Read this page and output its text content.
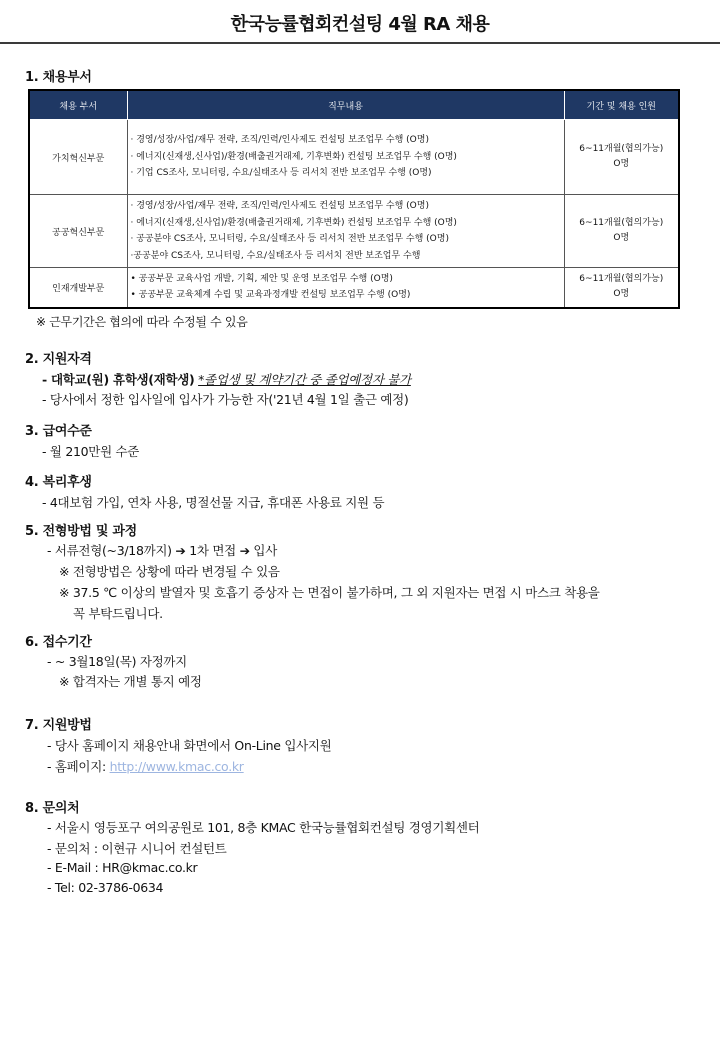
한국능률협회컨설팅 4월 RA 채용
1. 채용부서
채용 부서	직무내용	기간 및 채용 인원
가치혁신부문	· 경영/성장/사업/재무 전략, 조직/인력/인사제도 컨설팅 보조업무 수행 (O명)
· 에너지(신재생,신사업)/환경(배출권거래제, 기후변화) 컨설팅 보조업무 수행 (O명)
· 기업 CS조사, 모니터링, 수요/실태조사 등 리서치 전반 보조업무 수행 (O명)	6~11개월(협의가능)
O명

공공혁신부문	· 경영/성장/사업/재무 전략, 조직/인력/인사제도 컨설팅 보조업무 수행 (O명)
· 에너지(신재생,신사업)/환경(배출권거래제, 기후변화) 컨설팅 보조업무 수행 (O명)
· 공공분야 CS조사, 모니터링, 수요/실태조사 등 리서치 전반 보조업무 수행 (O명)
·공공분야 CS조사, 모니터링, 수요/실태조사 등 리서치 전반 보조업무 수행	6~11개월(협의가능)
O명

인재개발부문	• 공공부문 교육사업 개발, 기획, 제안 및 운영 보조업무 수행 (O명)
• 공공부문 교육체계 수립 및 교육과정개발 컨설팅 보조업무 수행 (O명)	6~11개월(협의가능)
O명
※ 근무기간은 협의에 따라 수정될 수 있음
2. 지원자격
- 대학교(원) 휴학생(재학생) *졸업생 및 계약기간 중 졸업예정자 불가
- 당사에서 정한 입사일에 입사가 가능한 자('21년 4월 1일 출근 예정)
3. 급여수준
- 월 210만원 수준
4. 복리후생
- 4대보험 가입, 연차 사용, 명절선물 지급, 휴대폰 사용료 지원 등
5. 전형방법 및 과정
- 서류전형(~3/18까지) ➔ 1차 면접 ➔ 입사
※ 전형방법은 상황에 따라 변경될 수 있음
※ 37.5 ℃ 이상의 발열자 및 호흡기 증상자 는 면접이 불가하며, 그 외 지원자는 면접 시 마스크 착용을
꼭 부탁드립니다.
6. 접수기간
- ~ 3월18일(목) 자정까지
※ 합격자는 개별 통지 예정
7. 지원방법
- 당사 홈페이지 채용안내 화면에서 On-Line 입사지원
- 홈페이지: http://www.kmac.co.kr
8. 문의처
- 서울시 영등포구 여의공원로 101, 8층 KMAC 한국능률협회컨설팅 경영기획센터
- 문의처 : 이현규 시니어 컨설턴트
- E-Mail : HR@kmac.co.kr
- Tel: 02-3786-0634
